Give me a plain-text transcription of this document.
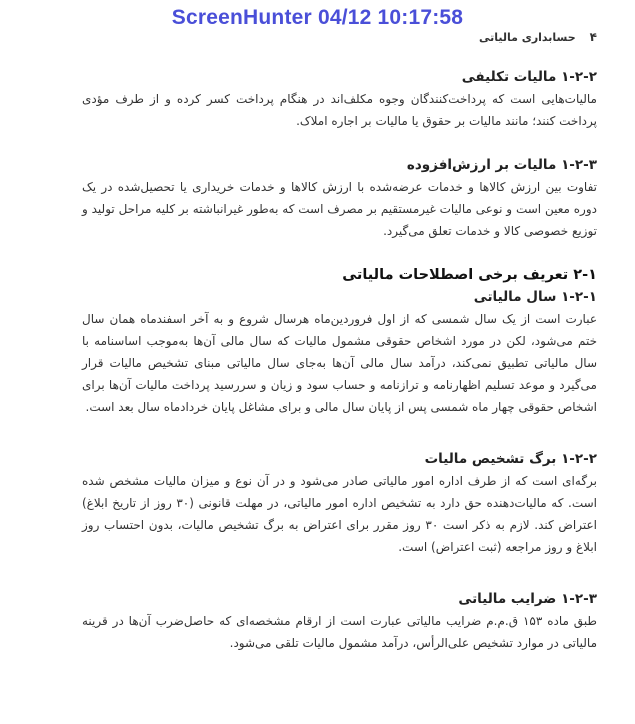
ScreenHunter 04/12 10:17:58
۴
حسابداری مالیاتی
۱-۲-۲ مالیات تکلیفی

مالیات‌هایی است که پرداخت‌کنندگان وجوه مکلف‌اند در هنگام پرداخت کسر کرده و از طرف مؤدی پرداخت کنند؛ مانند مالیات بر حقوق یا مالیات بر اجاره املاک.

۱-۲-۳ مالیات بر ارزش‌افزوده

تفاوت بین ارزش کالاها و خدمات عرضه‌شده با ارزش کالاها و خدمات خریداری یا تحصیل‌شده در یک دوره معین است و نوعی مالیات غیرمستقیم بر مصرف است که به‌طور غیرانباشته بر کلیه مراحل تولید و توزیع خصوصی کالا و خدمات تعلق می‌گیرد.

۲-۱ تعریف برخی اصطلاحات مالیاتی
۱-۲-۱ سال مالیاتی

عبارت است از یک سال شمسی که از اول فروردین‌ماه هرسال شروع و به آخر اسفندماه همان سال ختم می‌شود، لکن در مورد اشخاص حقوقی مشمول مالیات که سال مالی آن‌ها به‌موجب اساسنامه با سال مالیاتی تطبیق نمی‌کند، درآمد سال مالی آن‌ها به‌جای سال مالیاتی مبنای تشخیص مالیات قرار می‌گیرد و موعد تسلیم اظهارنامه و ترازنامه و حساب سود و زیان و سررسید پرداخت مالیات آن‌ها برای اشخاص حقوقی چهار ماه شمسی پس از پایان سال مالی و برای مشاغل پایان خردادماه سال بعد است.

۱-۲-۲ برگ تشخیص مالیات

برگه‌ای است که از طرف اداره امور مالیاتی صادر می‌شود و در آن نوع و میزان مالیات مشخص شده است. که مالیات‌دهنده حق دارد به تشخیص اداره امور مالیاتی، در مهلت قانونی (۳۰ روز از تاریخ ابلاغ) اعتراض کند. لازم به ذکر است ۳۰ روز مقرر برای اعتراض به برگ تشخیص مالیات، بدون احتساب روز ابلاغ و روز مراجعه (ثبت اعتراض) است.

۱-۲-۳ ضرایب مالیاتی

طبق ماده ۱۵۳ ق.م.م ضرایب مالیاتی عبارت است از ارقام مشخصه‌ای که حاصل‌ضرب آن‌ها در قرینه مالیاتی در موارد تشخیص علی‌الرأس، درآمد مشمول مالیات تلقی می‌شود.
